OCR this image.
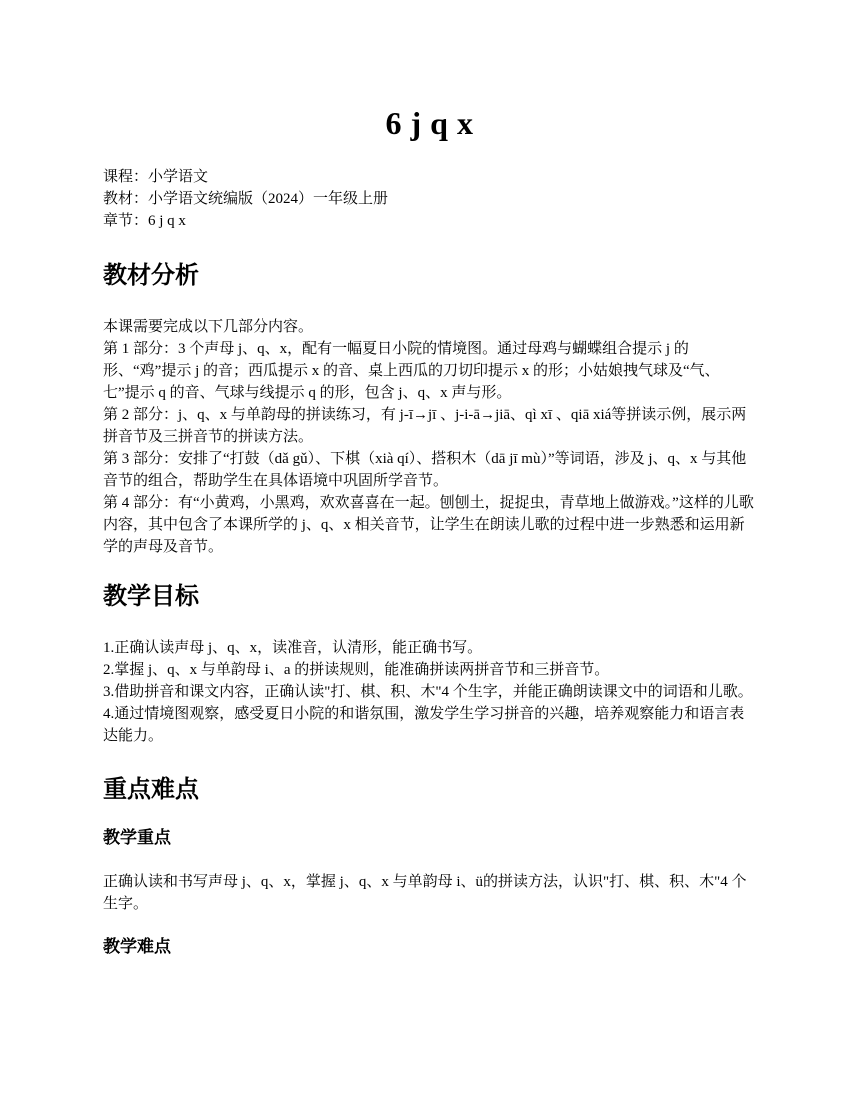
6 j q x
课程：小学语文
教材：小学语文统编版（2024）一年级上册
章节：6 j q x
教材分析

本课需要完成以下几部分内容。

第 1 部分：3 个声母 j、q、x，配有一幅夏日小院的情境图。通过母鸡与蝴蝶组合提示 j 的形、“鸡”提示 j 的音；西瓜提示 x 的音、桌上西瓜的刀切印提示 x 的形；小姑娘拽气球及“气、七”提示 q 的音、气球与线提示 q 的形，包含 j、q、x 声与形。

第 2 部分：j、q、x 与单韵母的拼读练习，有 j-ī→jī 、j-i-ā→jiā、qì xī 、qiā xiá等拼读示例，展示两拼音节及三拼音节的拼读方法。

第 3 部分：安排了“打鼓（dǎ gǔ）、下棋（xià qí）、搭积木（dā jī mù）”等词语，涉及 j、q、x 与其他音节的组合，帮助学生在具体语境中巩固所学音节。

第 4 部分：有“小黄鸡，小黑鸡，欢欢喜喜在一起。刨刨土，捉捉虫，青草地上做游戏。”这样的儿歌内容，其中包含了本课所学的 j、q、x 相关音节，让学生在朗读儿歌的过程中进一步熟悉和运用新学的声母及音节。

教学目标

1.正确认读声母 j、q、x，读准音，认清形，能正确书写。

2.掌握 j、q、x 与单韵母 i、a 的拼读规则，能准确拼读两拼音节和三拼音节。

3.借助拼音和课文内容，正确认读"打、棋、积、木"4 个生字，并能正确朗读课文中的词语和儿歌。

4.通过情境图观察，感受夏日小院的和谐氛围，激发学生学习拼音的兴趣，培养观察能力和语言表达能力。

重点难点
教学重点

正确认读和书写声母 j、q、x，掌握 j、q、x 与单韵母 i、ü的拼读方法，认识"打、棋、积、木"4 个生字。

教学难点
